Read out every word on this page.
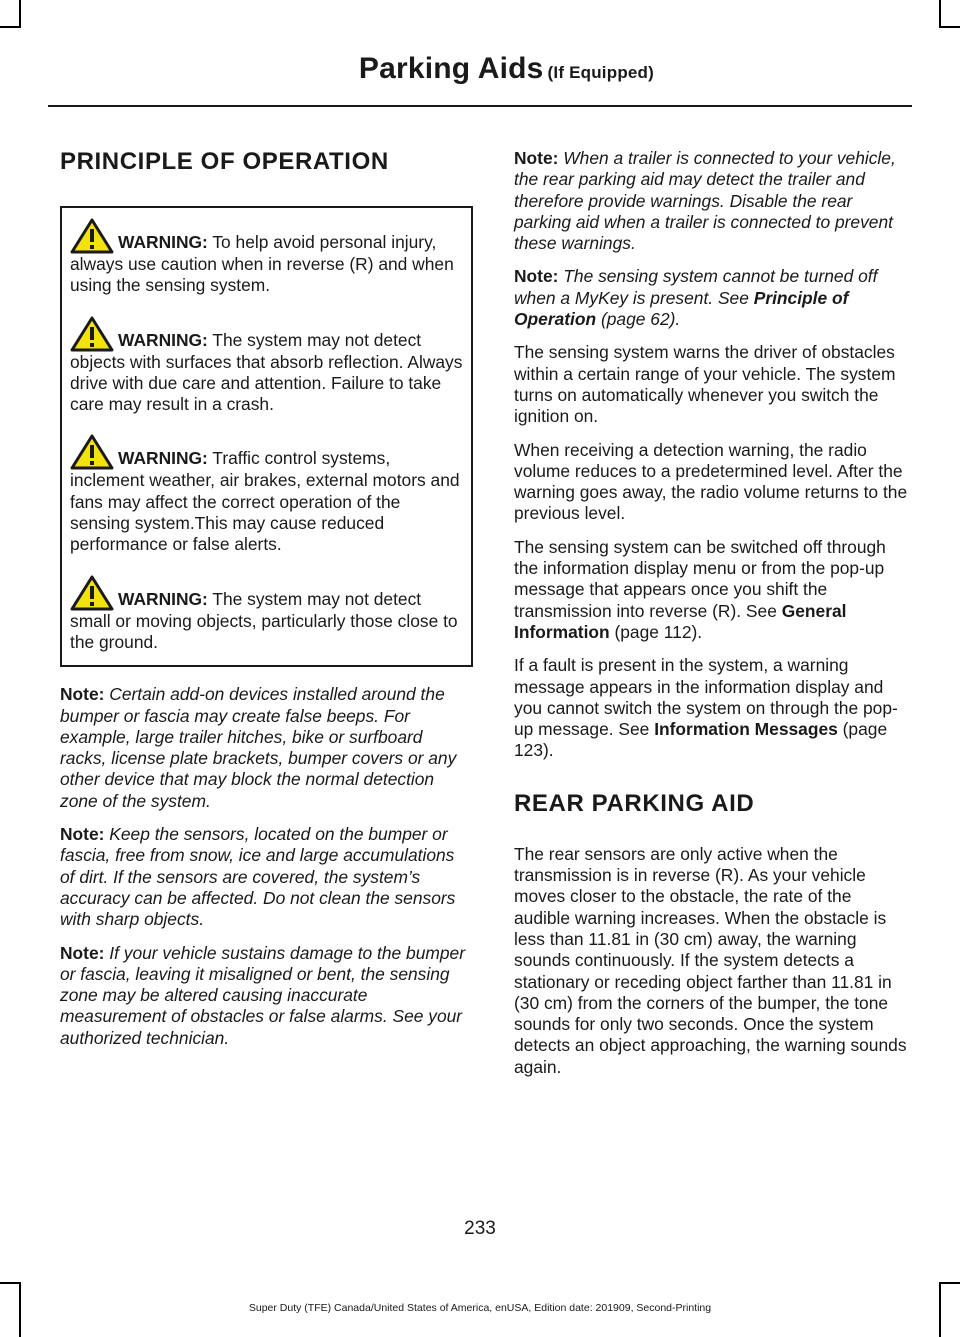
Parking Aids (If Equipped)
PRINCIPLE OF OPERATION
WARNING: To help avoid personal injury, always use caution when in reverse (R) and when using the sensing system.
WARNING: The system may not detect objects with surfaces that absorb reflection. Always drive with due care and attention. Failure to take care may result in a crash.
WARNING: Traffic control systems, inclement weather, air brakes, external motors and fans may affect the correct operation of the sensing system.This may cause reduced performance or false alerts.
WARNING: The system may not detect small or moving objects, particularly those close to the ground.

Note: Certain add-on devices installed around the bumper or fascia may create false beeps. For example, large trailer hitches, bike or surfboard racks, license plate brackets, bumper covers or any other device that may block the normal detection zone of the system.

Note: Keep the sensors, located on the bumper or fascia, free from snow, ice and large accumulations of dirt. If the sensors are covered, the system’s accuracy can be affected. Do not clean the sensors with sharp objects.

Note: If your vehicle sustains damage to the bumper or fascia, leaving it misaligned or bent, the sensing zone may be altered causing inaccurate measurement of obstacles or false alarms. See your authorized technician.

Note: When a trailer is connected to your vehicle, the rear parking aid may detect the trailer and therefore provide warnings. Disable the rear parking aid when a trailer is connected to prevent these warnings.

Note: The sensing system cannot be turned off when a MyKey is present. See Principle of Operation (page 62).

The sensing system warns the driver of obstacles within a certain range of your vehicle. The system turns on automatically whenever you switch the ignition on.

When receiving a detection warning, the radio volume reduces to a predetermined level. After the warning goes away, the radio volume returns to the previous level.

The sensing system can be switched off through the information display menu or from the pop-up message that appears once you shift the transmission into reverse (R). See General Information (page 112).

If a fault is present in the system, a warning message appears in the information display and you cannot switch the system on through the pop-up message. See Information Messages (page 123).

REAR PARKING AID

The rear sensors are only active when the transmission is in reverse (R). As your vehicle moves closer to the obstacle, the rate of the audible warning increases. When the obstacle is less than 11.81 in (30 cm) away, the warning sounds continuously. If the system detects a stationary or receding object farther than 11.81 in (30 cm) from the corners of the bumper, the tone sounds for only two seconds. Once the system detects an object approaching, the warning sounds again.

233
Super Duty (TFE) Canada/United States of America, enUSA, Edition date: 201909, Second-Printing
